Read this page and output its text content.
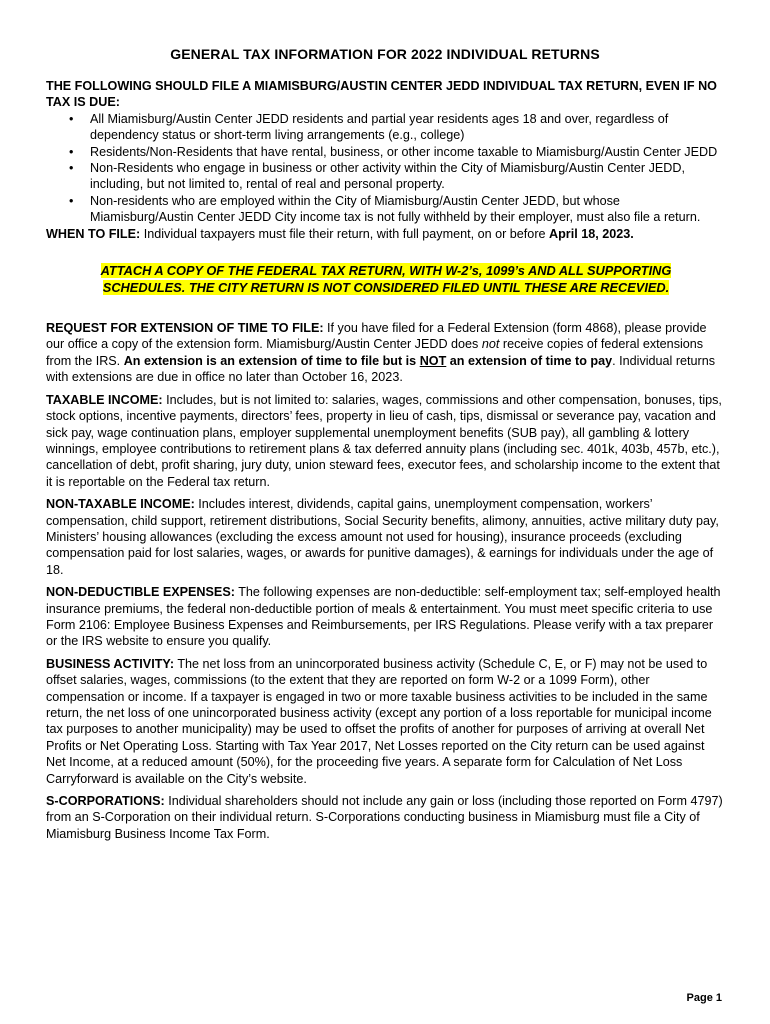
GENERAL TAX INFORMATION FOR 2022 INDIVIDUAL RETURNS
THE FOLLOWING SHOULD FILE A MIAMISBURG/AUSTIN CENTER JEDD INDIVIDUAL TAX RETURN, EVEN IF NO TAX IS DUE:
• All Miamisburg/Austin Center JEDD residents and partial year residents ages 18 and over, regardless of dependency status or short-term living arrangements (e.g., college)
• Residents/Non-Residents that have rental, business, or other income taxable to Miamisburg/Austin Center JEDD
• Non-Residents who engage in business or other activity within the City of Miamisburg/Austin Center JEDD, including, but not limited to, rental of real and personal property.
• Non-residents who are employed within the City of Miamisburg/Austin Center JEDD, but whose Miamisburg/Austin Center JEDD City income tax is not fully withheld by their employer, must also file a return.

WHEN TO FILE: Individual taxpayers must file their return, with full payment, on or before April 18, 2023.

ATTACH A COPY OF THE FEDERAL TAX RETURN, WITH W-2’s, 1099’s AND ALL SUPPORTING
SCHEDULES. THE CITY RETURN IS NOT CONSIDERED FILED UNTIL THESE ARE RECEVIED.

REQUEST FOR EXTENSION OF TIME TO FILE: If you have filed for a Federal Extension (form 4868), please provide our office a copy of the extension form. Miamisburg/Austin Center JEDD does not receive copies of federal extensions from the IRS. An extension is an extension of time to file but is NOT an extension of time to pay. Individual returns with extensions are due in office no later than October 16, 2023.

TAXABLE INCOME: Includes, but is not limited to: salaries, wages, commissions and other compensation, bonuses, tips, stock options, incentive payments, directors’ fees, property in lieu of cash, tips, dismissal or severance pay, vacation and sick pay, wage continuation plans, employer supplemental unemployment benefits (SUB pay), all gambling & lottery winnings, employee contributions to retirement plans & tax deferred annuity plans (including sec. 401k, 403b, 457b, etc.), cancellation of debt, profit sharing, jury duty, union steward fees, executor fees, and scholarship income to the extent that it is reportable on the Federal tax return.

NON-TAXABLE INCOME: Includes interest, dividends, capital gains, unemployment compensation, workers’ compensation, child support, retirement distributions, Social Security benefits, alimony, annuities, active military duty pay, Ministers’ housing allowances (excluding the excess amount not used for housing), insurance proceeds (excluding compensation paid for lost salaries, wages, or awards for punitive damages), & earnings for individuals under the age of 18.

NON-DEDUCTIBLE EXPENSES: The following expenses are non-deductible: self-employment tax; self-employed health insurance premiums, the federal non-deductible portion of meals & entertainment. You must meet specific criteria to use Form 2106: Employee Business Expenses and Reimbursements, per IRS Regulations. Please verify with a tax preparer or the IRS website to ensure you qualify.

BUSINESS ACTIVITY: The net loss from an unincorporated business activity (Schedule C, E, or F) may not be used to offset salaries, wages, commissions (to the extent that they are reported on form W-2 or a 1099 Form), other compensation or income. If a taxpayer is engaged in two or more taxable business activities to be included in the same return, the net loss of one unincorporated business activity (except any portion of a loss reportable for municipal income tax purposes to another municipality) may be used to offset the profits of another for purposes of arriving at overall Net Profits or Net Operating Loss. Starting with Tax Year 2017, Net Losses reported on the City return can be used against Net Income, at a reduced amount (50%), for the proceeding five years. A separate form for Calculation of Net Loss Carryforward is available on the City’s website.

S-CORPORATIONS: Individual shareholders should not include any gain or loss (including those reported on Form 4797) from an S-Corporation on their individual return. S-Corporations conducting business in Miamisburg must file a City of Miamisburg Business Income Tax Form.

Page 1
